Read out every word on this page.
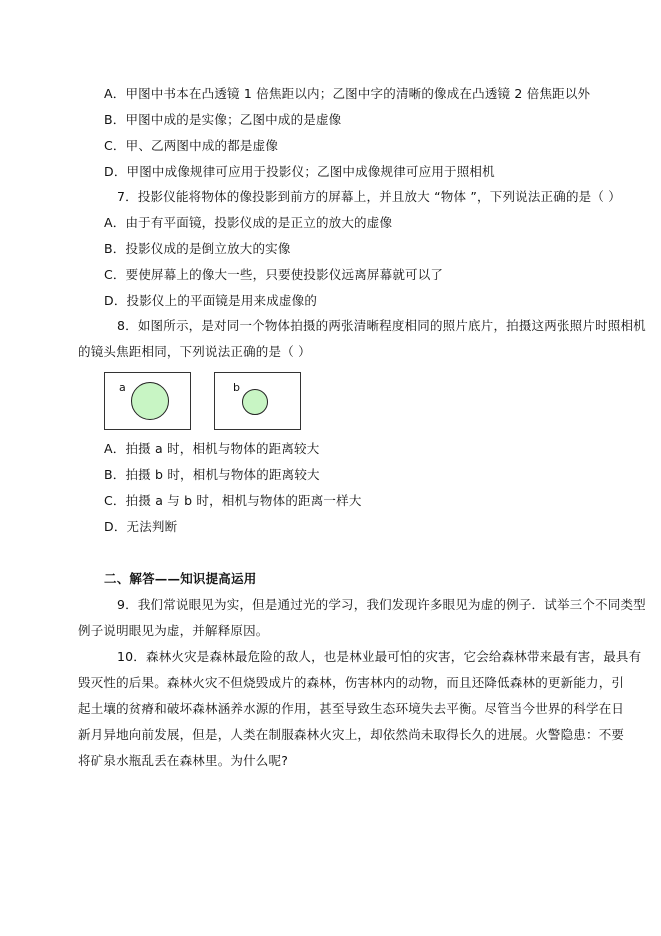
A．甲图中书本在凸透镜 1 倍焦距以内；乙图中字的清晰的像成在凸透镜 2 倍焦距以外
B．甲图中成的是实像；乙图中成的是虚像
C．甲、乙两图中成的都是虚像
D．甲图中成像规律可应用于投影仪；乙图中成像规律可应用于照相机
7．投影仪能将物体的像投影到前方的屏幕上，并且放大 “物体 ”，下列说法正确的是（ ）
A．由于有平面镜，投影仪成的是正立的放大的虚像
B．投影仪成的是倒立放大的实像
C．要使屏幕上的像大一些，只要使投影仪远离屏幕就可以了
D．投影仪上的平面镜是用来成虚像的
8．如图所示，是对同一个物体拍摄的两张清晰程度相同的照片底片，拍摄这两张照片时照相机
的镜头焦距相同，下列说法正确的是（ ）
a	b
A．拍摄 a 时，相机与物体的距离较大
B．拍摄 b 时，相机与物体的距离较大
C．拍摄 a 与 b 时，相机与物体的距离一样大
D．无法判断
二、解答——知识提高运用
9．我们常说眼见为实，但是通过光的学习，我们发现许多眼见为虚的例子．试举三个不同类型
例子说明眼见为虚，并解释原因。
10．森林火灾是森林最危险的敌人，也是林业最可怕的灾害，它会给森林带来最有害，最具有
毁灭性的后果。森林火灾不但烧毁成片的森林，伤害林内的动物，而且还降低森林的更新能力，引
起土壤的贫瘠和破坏森林涵养水源的作用，甚至导致生态环境失去平衡。尽管当今世界的科学在日
新月异地向前发展，但是，人类在制服森林火灾上，却依然尚未取得长久的进展。火警隐患：不要
将矿泉水瓶乱丢在森林里。为什么呢?
